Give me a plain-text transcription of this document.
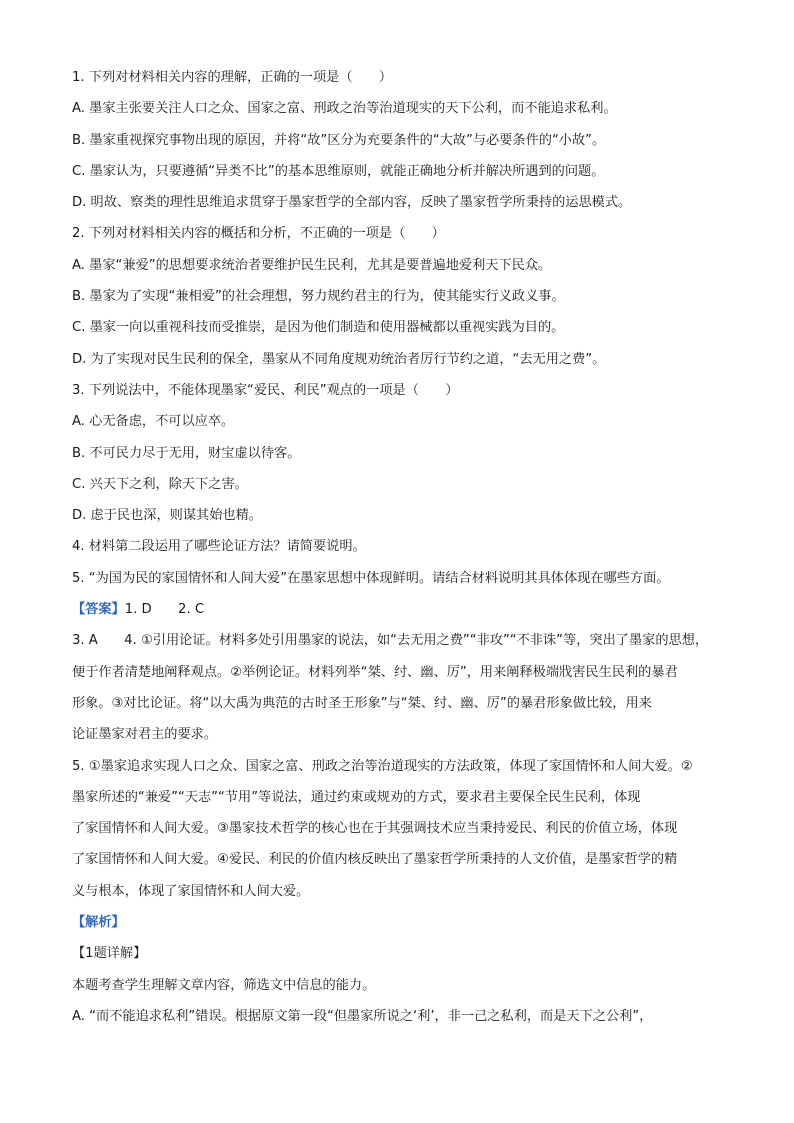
1. 下列对材料相关内容的理解，正确的一项是（　　）
A. 墨家主张要关注人口之众、国家之富、刑政之治等治道现实的天下公利，而不能追求私利。
B. 墨家重视探究事物出现的原因，并将“故”区分为充要条件的“大故”与必要条件的“小故”。
C. 墨家认为，只要遵循“异类不比”的基本思维原则，就能正确地分析并解决所遇到的问题。
D. 明故、察类的理性思维追求贯穿于墨家哲学的全部内容，反映了墨家哲学所秉持的运思模式。
2. 下列对材料相关内容的概括和分析，不正确的一项是（　　）
A. 墨家“兼爱”的思想要求统治者要维护民生民利，尤其是要普遍地爱利天下民众。
B. 墨家为了实现“兼相爱”的社会理想，努力规约君主的行为，使其能实行义政义事。
C. 墨家一向以重视科技而受推崇，是因为他们制造和使用器械都以重视实践为目的。
D. 为了实现对民生民利的保全，墨家从不同角度规劝统治者厉行节约之道，“去无用之费”。
3. 下列说法中，不能体现墨家“爱民、利民”观点的一项是（　　）
A. 心无备虑，不可以应卒。
B. 不可民力尽于无用，财宝虚以待客。
C. 兴天下之利，除天下之害。
D. 虑于民也深，则谋其始也精。
4. 材料第二段运用了哪些论证方法？请简要说明。
5. “为国为民的家国情怀和人间大爱”在墨家思想中体现鲜明。请结合材料说明其具体体现在哪些方面。
【答案】1. D　　2. C
3. A　　4. ①引用论证。材料多处引用墨家的说法，如“去无用之费”“非攻”“不非诛”等，突出了墨家的思想，
便于作者清楚地阐释观点。②举例论证。材料列举“桀、纣、幽、厉”，用来阐释极端戕害民生民利的暴君
形象。③对比论证。将“以大禹为典范的古时圣王形象”与“桀、纣、幽、厉”的暴君形象做比较，用来
论证墨家对君主的要求。
5. ①墨家追求实现人口之众、国家之富、刑政之治等治道现实的方法政策，体现了家国情怀和人间大爱。②
墨家所述的“兼爱”“天志”“节用”等说法，通过约束或规劝的方式，要求君主要保全民生民利，体现
了家国情怀和人间大爱。③墨家技术哲学的核心也在于其强调技术应当秉持爱民、利民的价值立场，体现
了家国情怀和人间大爱。④爱民、利民的价值内核反映出了墨家哲学所秉持的人文价值，是墨家哲学的精
义与根本，体现了家国情怀和人间大爱。
【解析】
【1题详解】
本题考查学生理解文章内容，筛选文中信息的能力。
A. “而不能追求私利”错误。根据原文第一段“但墨家所说之‘利’，非一己之私利，而是天下之公利”，
